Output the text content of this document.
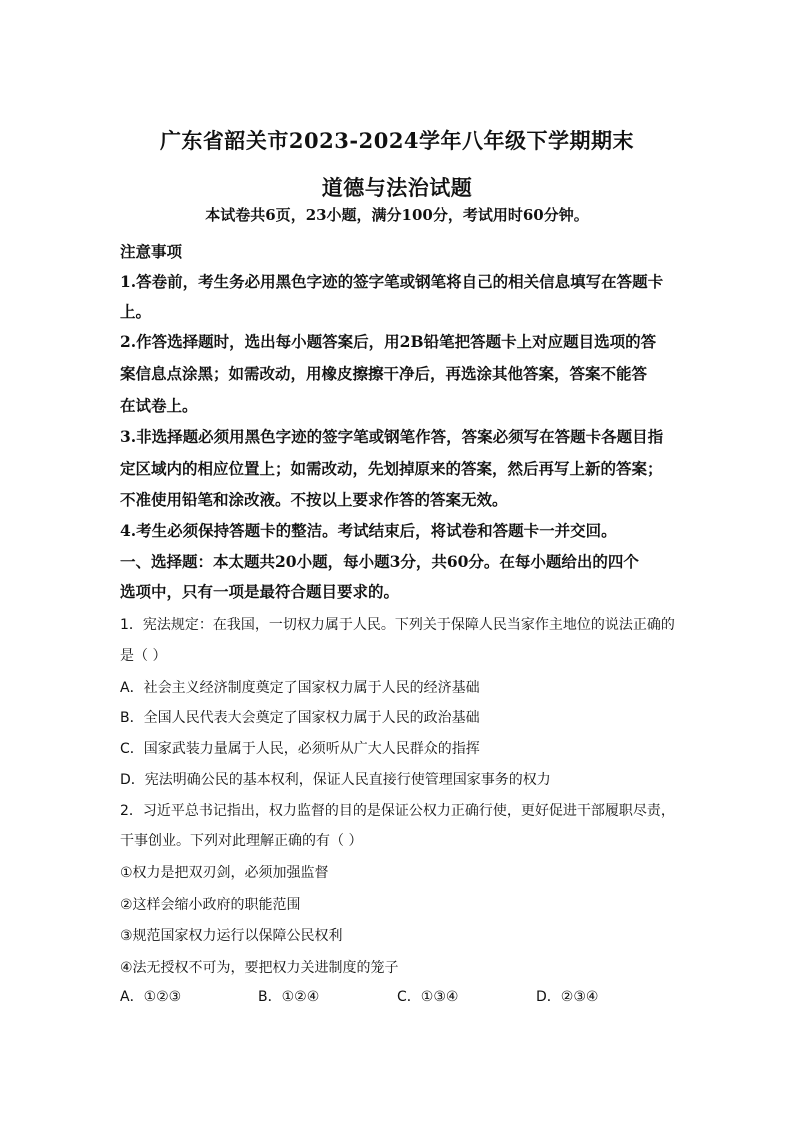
广东省韶关市2023-2024学年八年级下学期期末
道德与法治试题
本试卷共6页，23小题，满分100分，考试用时60分钟。
注意事项
1.答卷前，考生务必用黑色字迹的签字笔或钢笔将自己的相关信息填写在答题卡
上。
2.作答选择题时，选出每小题答案后，用2B铅笔把答题卡上对应题目选项的答
案信息点涂黑；如需改动，用橡皮擦擦干净后，再选涂其他答案，答案不能答
在试卷上。
3.非选择题必须用黑色字迹的签字笔或钢笔作答，答案必须写在答题卡各题目指
定区域内的相应位置上；如需改动，先划掉原来的答案，然后再写上新的答案；
不准使用铅笔和涂改液。不按以上要求作答的答案无效。
4.考生必须保持答题卡的整洁。考试结束后，将试卷和答题卡一并交回。
一、选择题：本太题共20小题，每小题3分，共60分。在每小题给出的四个
选项中，只有一项是最符合题目要求的。
1．宪法规定：在我国，一切权力属于人民。下列关于保障人民当家作主地位的说法正确的
是（ ）
A．社会主义经济制度奠定了国家权力属于人民的经济基础
B．全国人民代表大会奠定了国家权力属于人民的政治基础
C．国家武装力量属于人民，必须听从广大人民群众的指挥
D．宪法明确公民的基本权利，保证人民直接行使管理国家事务的权力
2．习近平总书记指出，权力监督的目的是保证公权力正确行使，更好促进干部履职尽责，
干事创业。下列对此理解正确的有（ ）
①权力是把双刃剑，必须加强监督
②这样会缩小政府的职能范围
③规范国家权力运行以保障公民权利
④法无授权不可为，要把权力关进制度的笼子
A．①②③	B．①②④	C．①③④	D．②③④
